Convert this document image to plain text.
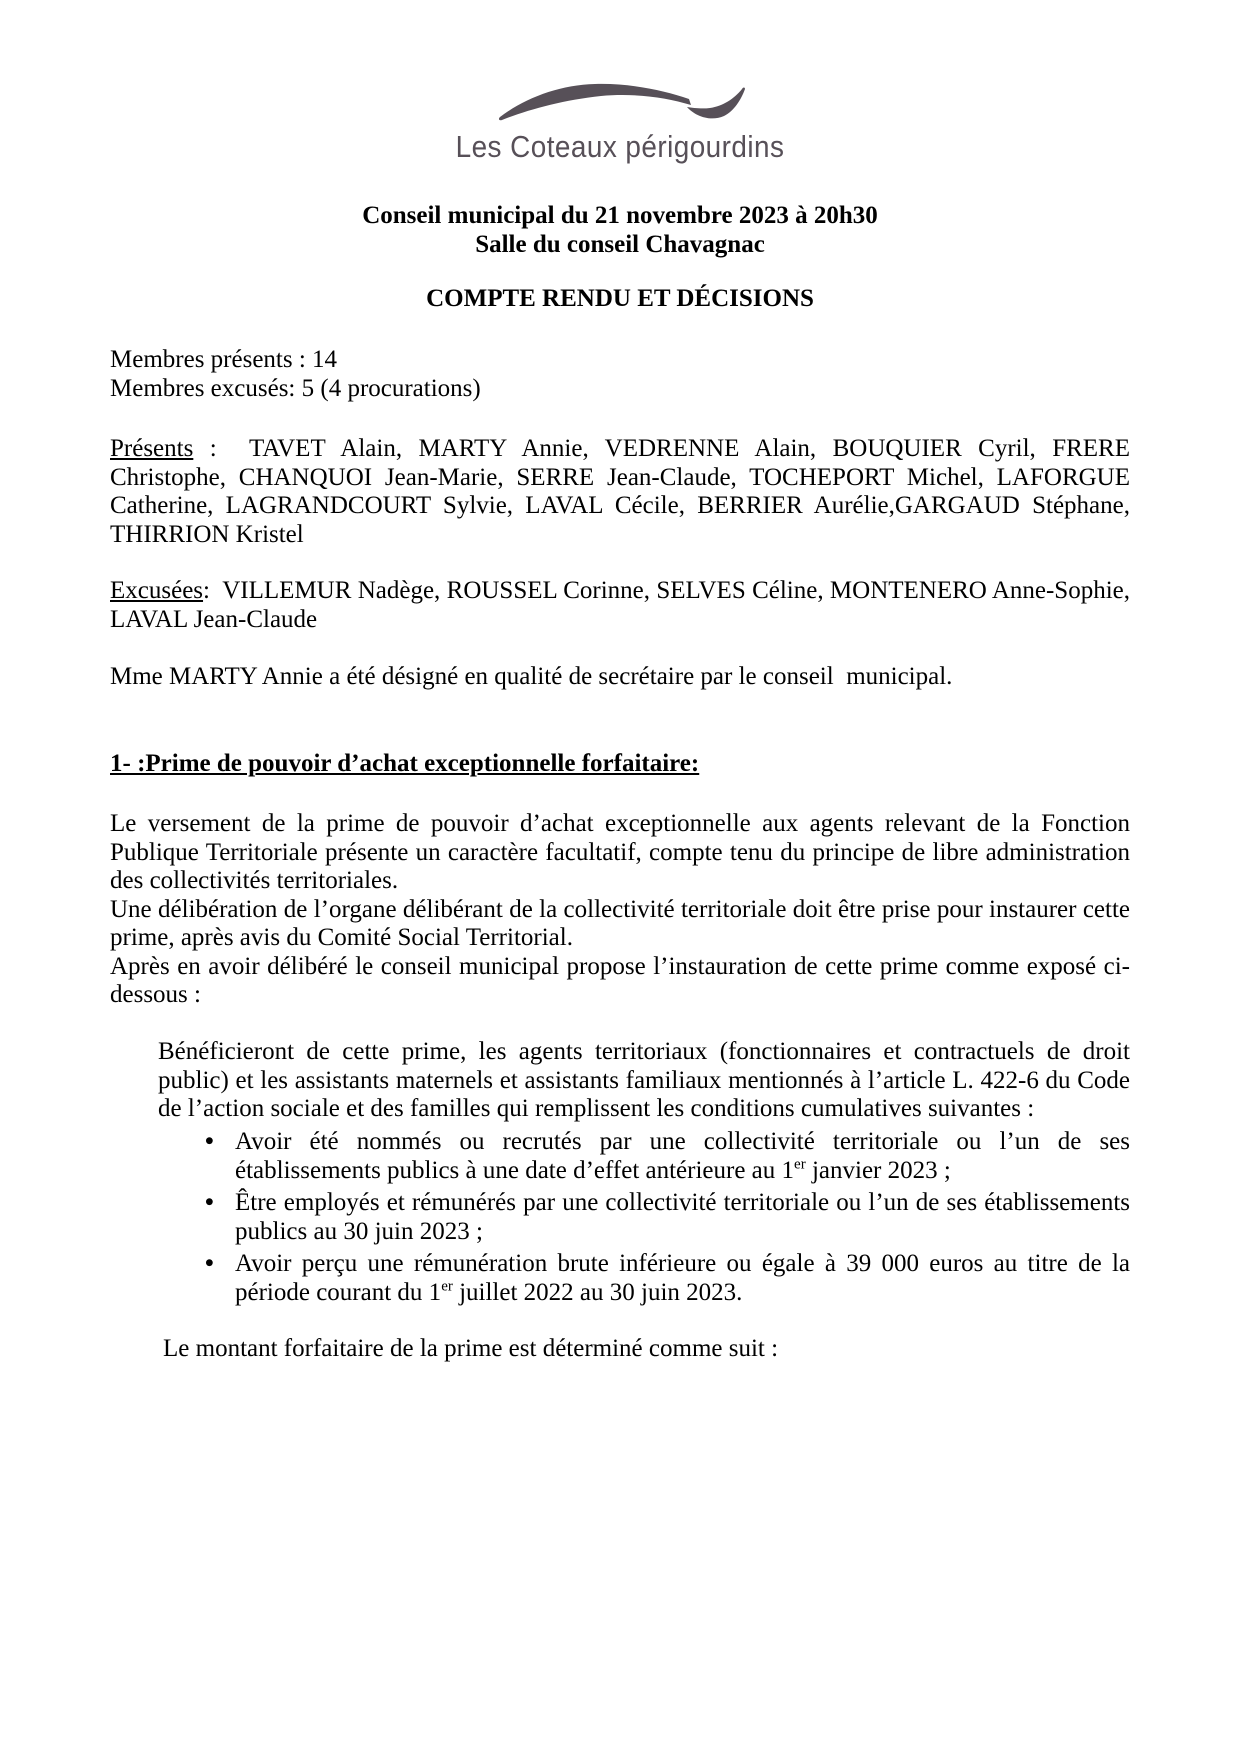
Les Coteaux périgourdins
Conseil municipal du 21 novembre 2023 à 20h30
Salle du conseil Chavagnac
COMPTE RENDU ET DÉCISIONS
Membres présents : 14
Membres excusés: 5 (4 procurations)
Présents :  TAVET Alain, MARTY Annie, VEDRENNE Alain, BOUQUIER Cyril, FRERE Christophe, CHANQUOI Jean-Marie, SERRE Jean-Claude, TOCHEPORT Michel, LAFORGUE Catherine, LAGRANDCOURT Sylvie, LAVAL Cécile, BERRIER Aurélie,GARGAUD Stéphane, THIRRION Kristel
Excusées:  VILLEMUR Nadège, ROUSSEL Corinne, SELVES Céline, MONTENERO Anne-Sophie, LAVAL Jean-Claude
Mme MARTY Annie a été désigné en qualité de secrétaire par le conseil  municipal.
1- :Prime de pouvoir d’achat exceptionnelle forfaitaire:

Le versement de la prime de pouvoir d’achat exceptionnelle aux agents relevant de la Fonction Publique Territoriale présente un caractère facultatif, compte tenu du principe de libre administration des collectivités territoriales.

Une délibération de l’organe délibérant de la collectivité territoriale doit être prise pour instaurer cette prime, après avis du Comité Social Territorial.

Après en avoir délibéré le conseil municipal propose l’instauration de cette prime comme exposé ci-dessous :

Bénéficieront de cette prime, les agents territoriaux (fonctionnaires et contractuels de droit public) et les assistants maternels et assistants familiaux mentionnés à l’article L. 422-6 du Code de l’action sociale et des familles qui remplissent les conditions cumulatives suivantes :
• Avoir été nommés ou recrutés par une collectivité territoriale ou l’un de ses établissements publics à une date d’effet antérieure au 1er janvier 2023 ;
• Être employés et rémunérés par une collectivité territoriale ou l’un de ses établissements publics au 30 juin 2023 ;
• Avoir perçu une rémunération brute inférieure ou égale à 39 000 euros au titre de la période courant du 1er juillet 2022 au 30 juin 2023.
Le montant forfaitaire de la prime est déterminé comme suit :
